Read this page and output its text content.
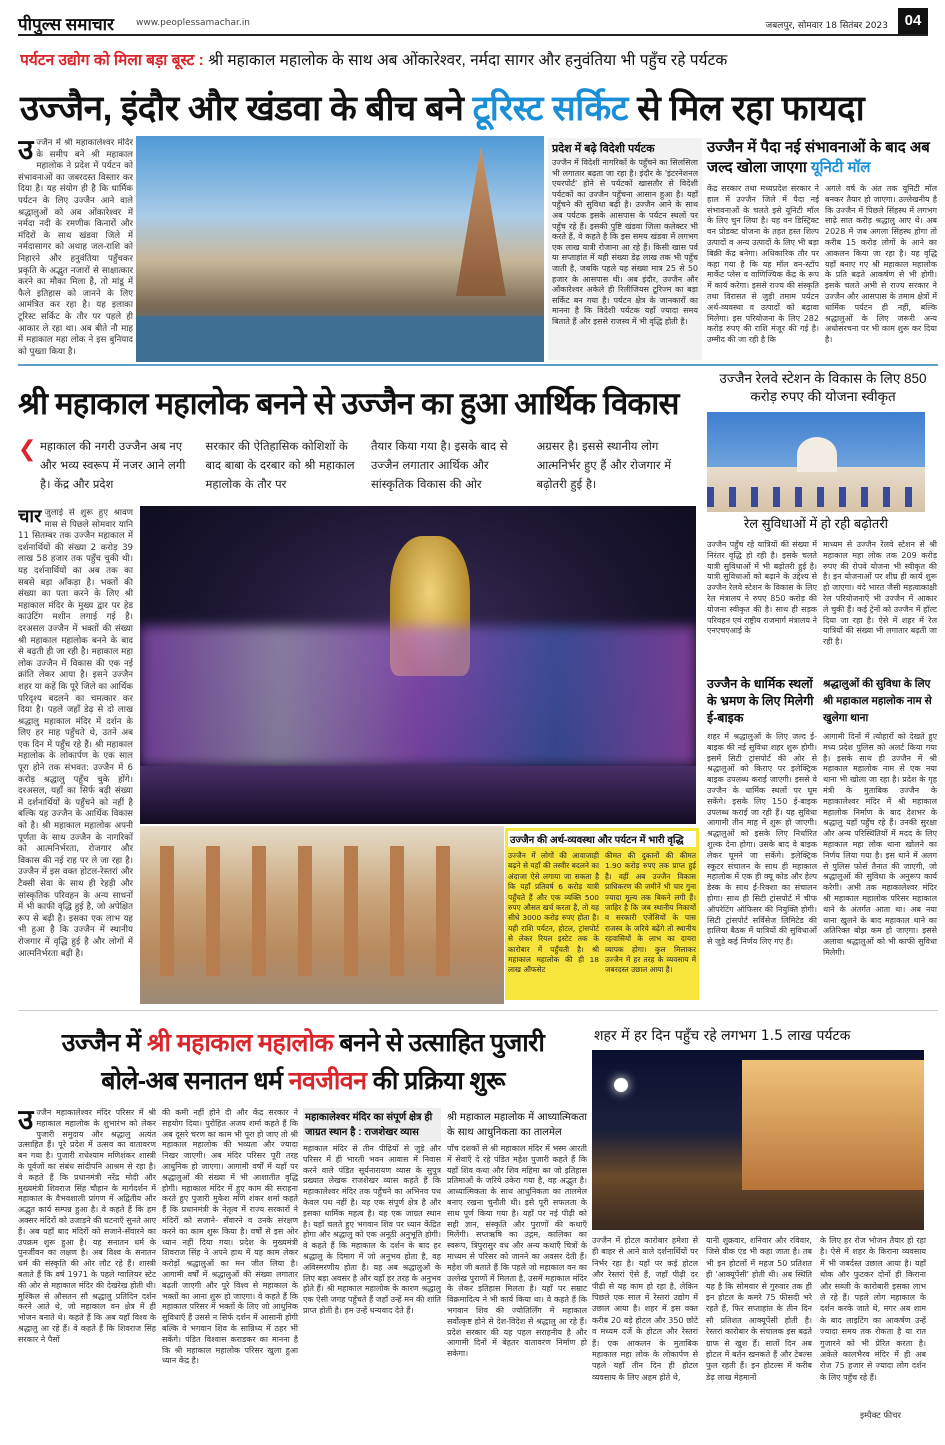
पीपुल्स समाचार www.peoplessamachar.in	जबलपुर, सोमवार 18 सितंबर 2023	04
पर्यटन उद्योग को मिला बड़ा बूस्ट : श्री महाकाल महालोक के साथ अब ओंकारेश्वर, नर्मदा सागर और हनुवंतिया भी पहुँच रहे पर्यटक
उज्जैन, इंदौर और खंडवा के बीच बने टूरिस्ट सर्किट से मिल रहा फायदा
उज्जैन में श्री महाकालेश्वर मंदिर के समीप बने श्री महाकाल महालोक ने प्रदेश में पर्यटन को संभावनाओं का जबरदस्त विस्तार कर दिया है। यह संयोग ही है कि धार्मिक पर्यटन के लिए उज्जैन आने वाले श्रद्धालुओं को अब ओंकारेश्वर में नर्मदा नदी के रमणीक किनारों और मंदिरों के साथ खंडवा जिले में नर्मदासागर को अथाह जल-राशि को निहारने और हनुवंतिया पहुँचकर प्रकृति के अद्भुत नजारों से साक्षात्कार करने का मौका मिला है, तो मांडू में फैले इतिहास को जानने के लिए आमंत्रित कर रहा है। यह इलाका टूरिस्ट सर्किट के तौर पर पहले ही आकार ले रहा था। अब बीते नौ माह में महाकाल महा लोक ने इस बुनियाद को पुख्ता किया है।
प्रदेश में बढ़े विदेशी पर्यटक
उज्जैन में विदेशी नागरिकों के पहुँचने का सिलसिला भी लगातार बढ़ता जा रहा है। इंदौर के 'इंटरनेशनल एयरपोर्ट' होने से पर्यटकों खासतौर से विदेशी पर्यटकों का उज्जैन पहुँचना आसान हुआ है। यहाँ पहुँचने की सुविधा बढ़ी है। उज्जैन आने के साथ अब पर्यटक इसके आसपास के पर्यटन स्थलों पर पहुँच रहे हैं। इसकी पुष्टि खंडवा जिला कलेक्टर भी करते हैं, वे कहते है कि इस समय खंडवा में लगभग एक लाख यात्री रोजाना आ रहे हैं। किसी खास पर्व या सप्ताहांत में यही संख्या डेढ़ लाख तक भी पहुँच जाती है, जबकि पहले यह संख्या मात्र 25 से 50 हजार के आसपास थी। अब इंदौर, उज्जैन और ओंकारेश्वर अकेले ही रिलीजियस टूरिज्म का बड़ा सर्किट बन गया है। पर्यटन क्षेत्र के जानकारों का मानना है कि विदेशी पर्यटक यहाँ ज्यादा समय बिताते हैं और इससे राजस्व में भी वृद्धि होती है।
उज्जैन में पैदा नई संभावनाओं के बाद अब जल्द खोला जाएगा यूनिटी मॉल
केंद्र सरकार तथा मध्यप्रदेश सरकार ने हाल में उज्जैन जिले में पैदा नई संभावनाओं के चलते इसे यूनिटी मॉल के लिए चुन लिया है। यह वन डिस्ट्रिक्ट वन प्रोडक्ट योजना के तहत हस्त शिल्प उत्पादों व अन्य उत्पादों के लिए भी बड़ा बिक्री केंद्र बनेगा। अधिकारिक तौर पर कहा गया है कि यह मॉल वन-स्टॉप मार्केट प्लेस व वाणिज्यिक केंद्र के रूप में कार्य करेगा। इससे राज्य की संस्कृति तथा विरासत से जुड़ी तमाम पर्यटन अर्थ-व्यवस्था व उत्पादों को बढ़ावा मिलेगा। इस परियोजना के लिए 282 करोड़ रुपए की राशि मंजूर की गई है। उम्मीद की जा रही है कि
अगले वर्ष के अंत तक यूनिटी मॉल बनकर तैयार हो जाएगा। उल्लेखनीय है कि उज्जैन में पिछले सिंहस्थ में लगभग साढ़े सात करोड़ श्रद्धालु आए थे। अब 2028 में जब अगला सिंहस्थ होगा तो करीब 15 करोड़ लोगों के आने का आकलन किया जा रहा है। यह वृद्धि यहाँ बनाए गए श्री महाकाल महालोक के प्रति बढ़ते आकर्षण से भी होगी। इसके चलते अभी से राज्य सरकार ने उज्जैन और आसपास के तमाम क्षेत्रों में धार्मिक पर्यटन ही नहीं, बल्कि श्रद्धालुओं के लिए जरूरी अन्य अधोसंरचना पर भी काम शुरू कर दिया है।
श्री महाकाल महालोक बनने से उज्जैन का हुआ आर्थिक विकास
❮ महाकाल की नगरी उज्जैन अब नए और भव्य स्वरूप में नजर आने लगी है। केंद्र और प्रदेश
सरकार की ऐतिहासिक कोशिशों के बाद बाबा के दरबार को श्री महाकाल महालोक के तौर पर
तैयार किया गया है। इसके बाद से उज्जैन लगातार आर्थिक और सांस्कृतिक विकास की ओर
अग्रसर है। इससे स्थानीय लोग आत्मनिर्भर हुए हैं और रोजगार में बढ़ोतरी हुई है।
चार जुलाई से शुरू हुए श्रावण मास से पिछले सोमवार यानि 11 सितम्बर तक उज्जैन महाकाल में दर्शनार्थियों की संख्या 2 करोड़ 39 लाख 58 हजार तक पहुँच चुकी थी। यह दर्शनार्थियों का अब तक का सबसे बड़ा आँकड़ा है। भक्तों की संख्या का पता करने के लिए श्री महाकाल मंदिर के मुख्य द्वार पर हेड काउंटिंग मशीन लगाई गई है। दरअसल उज्जैन में भक्तों की संख्या श्री महाकाल महालोक बनने के बाद से बढ़ती ही जा रही है। महाकाल महा लोक उज्जैन में विकास की एक नई क्रांति लेकर आया है। इसने उज्जैन शहर या कहें कि पूरे जिले का आर्थिक परिदृश्य बदलने का चमत्कार कर दिया है। पहले जहाँ डेढ़ से दो लाख श्रद्धालु महाकाल मंदिर में दर्शन के लिए हर माह पहुँचते थे, उतने अब एक दिन में पहुँच रहे हैं। श्री महाकाल महालोक के लोकार्पण के एक साल पूरा होने तक संभवत: उज्जैन में 6 करोड़ श्रद्धालु पहुँच चुके होंगे। दरअसल, यहाँ का सिर्फ बढ़ी संख्या में दर्शनार्थियों के पहुँचने को नहीं है बल्कि यह उज्जैन के आर्थिक विकास को है। श्री महाकाल महालोक अपनी पूर्णता के साथ उज्जैन के नागरिकों को आत्मनिर्भरता, रोजगार और विकास की नई राह पर ले जा रहा है। उज्जैन में इस वक्त होटल-रेस्तरां और टैक्सी सेवा के साथ ही रेहड़ी और सांस्कृतिक परिवहन के अन्य साधनों में भी काफी वृद्धि हुई है, जो अपेक्षित रूप से बढ़ी है। इसका एक लाभ यह भी हुआ है कि उज्जैन में स्थानीय रोजगार में वृद्धि हुई है और लोगों में आत्मनिर्भरता बढ़ी है।
उज्जैन की अर्थ-व्यवस्था और पर्यटन में भारी वृद्धि
उज्जैन में लोगों की आवाजाही बढ़ने से यहाँ की तस्वीर बदलने का अंदाजा ऐसे लगाया जा सकता है कि यहाँ प्रतिवर्ष 6 करोड़ यात्री पहुँचते हैं और एक व्यक्ति 500 रुपए औसत खर्च करता है, तो यह सीधे 3000 करोड़ रुपए होता है। यही राशि पर्यटन, होटल, ट्रांसपोर्ट से लेकर रियल इस्टेट तक के कारोबार में पहुँचती है। श्री महाकाल महालोक की ही 18 लाख ऑफसेट
कीमत की दुकानों की कीमत 1.90 करोड़ रुपए तक प्राप्त हुई है। वहीं अब उज्जैन विकास प्राधिकरण की जमीनें भी चार गुना ज्यादा मूल्य तक बिकने लगी हैं। जाहिर है कि जब स्थानीय निकायों व सरकारी एजेंसियों के पास राजस्व के जरिये बढ़ेंगे तो स्थानीय रहवासियों के लाभ का दायरा व्यापक होगा। कुल मिलाकर उज्जैन में हर तरह के व्यवसाय में जबरदस्त उछाल आया है।
उज्जैन रेलवे स्टेशन के विकास के लिए 850 करोड़ रुपए की योजना स्वीकृत
रेल सुविधाओं में हो रही बढ़ोतरी
उज्जैन पहुँच रहे यात्रियों की संख्या में निरंतर वृद्धि हो रही है। इसके चलते यात्री सुविधाओं में भी बढ़ोतरी हुई है। यात्री सुविधाओं को बढ़ाने के उद्देश्य से उज्जैन रेलवे स्टेशन के विकास के लिए रेल मंत्रालय ने रुपए 850 करोड़ की योजना स्वीकृत की है। साथ ही सड़क परिवहन एवं राष्ट्रीय राजमार्ग मंत्रालय ने एनएचएआई के
माध्यम से उज्जैन रेलवे स्टेशन से श्री महाकाल महा लोक तक 209 करोड़ रुपए की रोपवे योजना भी स्वीकृत की है। इन योजनाओं पर शीघ्र ही कार्य शुरू हो जाएगा। वंदे भारत जैसी महत्वाकांक्षी रेल परियोजनाएँ भी उज्जैन में आकार ले चुकी हैं। कई ट्रेनों को उज्जैन में हॉल्ट दिया जा रहा है। ऐसे में शहर में रेल यात्रियों की संख्या भी लगातार बढ़ती जा रही है।
उज्जैन के धार्मिक स्थलों के भ्रमण के लिए मिलेगी ई-बाइक
शहर में श्रद्धालुओं के लिए जल्द ई-बाइक की नई सुविधा शहर शुरू होगी। इसमें सिटी ट्रांसपोर्ट की ओर से श्रद्धालुओं को किराए पर इलेक्ट्रिक बाइक उपलब्ध कराई जाएगी। इससे वे उज्जैन के धार्मिक स्थलों पर घूम सकेंगे। इसके लिए 150 ई-बाइक उपलब्ध कराई जा रही हैं। यह सुविधा आगामी तीन माह में शुरू हो जाएगी। श्रद्धालुओं को इसके लिए निर्धारित शुल्क देना होगा। उसके बाद वे बाइक लेकर घूमने जा सकेंगे। इलेक्ट्रिक स्कूटर संचालन के साथ ही महाकाल महालोक में एक ही क्यू कोड और हेल्प डेस्क के साथ ई-रिक्शा का संचालन होगा। साथ ही सिटी ट्रांसपोर्ट में चीफ ऑपरेटिंग ऑफिसर की नियुक्ति होगी। सिटी ट्रांसपोर्ट सर्विसेज लिमिटेड की हालिया बैठक में यात्रियों की सुविधाओं से जुड़े कई निर्णय लिए गए हैं।
श्रद्धालुओं की सुविधा के लिए श्री महाकाल महालोक नाम से खुलेगा थाना
आगामी दिनों में त्योहारों को देखते हुए मध्य प्रदेश पुलिस को अलर्ट किया गया है। इसके साथ ही उज्जैन में श्री महाकाल महालोक नाम से एक नया थाना भी खोला जा रहा है। प्रदेश के गृह मंत्री के मुताबिक उज्जैन के महाकालेश्वर मंदिर में श्री महाकाल महालोक निर्माण के बाद देशभर के श्रद्धालु यहाँ पहुँच रहे हैं। उनकी सुरक्षा और अन्य परिस्थितियों में मदद के लिए महाकाल महा लोक थाना खोलने का निर्णय लिया गया है। इस थाने में अलग से पुलिस फोर्स तैनात की जाएगी, जो श्रद्धालुओं की सुविधा के अनुरूप कार्य करेगी। अभी तक महाकालेश्वर मंदिर श्री महाकाल महालोक परिसर महाकाल थाने के अंतर्गत आता था। अब नया थाना खुलने के बाद महाकाल थाने का अतिरिक्त बोझ कम हो जाएगा। इससे अलावा श्रद्धालुओं को भी काफी सुविधा मिलेगी।
उज्जैन में श्री महाकाल महालोक बनने से उत्साहित पुजारी
बोले-अब सनातन धर्म नवजीवन की प्रक्रिया शुरू
उज्जैन महाकालेश्वर मंदिर परिसर में श्री महाकाल महालोक के शुभारंभ को लेकर पुजारी समुदाय और श्रद्धालु अत्यंत उत्साहित हैं। पूरे प्रदेश में उत्सव का वातावरण बन गया है। पुजारी राधेश्याम मणिशंकर शास्त्री के पूर्वजों का संबंध सांदीपनि आश्रम से रहा है। वे कहते हैं कि प्रधानमंत्री नरेंद्र मोदी और मुख्यमंत्री शिवराज सिंह चौहान के मार्गदर्शन में महाकाल के वैभवशाली प्रांगण में अद्वितीय और अद्भुत कार्य सम्पन्न हुआ है। वे कहते हैं कि हम अक्सर मंदिरों को उजाड़ने की घटनाएँ सुनते आए हैं। अब यहाँ बाद मंदिरों को सजाने-सँवारने का उपक्रम शुरू हुआ है। यह सनातन धर्म के पुनर्जीवन का लक्षण है। अब विश्व के सनातन धर्म की संस्कृति की ओर लौट रहे हैं। शास्त्री बताते हैं कि वर्ष 1971 के पहले ग्वालियर स्टेट की ओर से महाकाल मंदिर की देखरेख होती थी। मुश्किल से औसतन सौ श्रद्धालु प्रतिदिन दर्शन करने आते थे, जो महाकाल वन क्षेत्र में ही भोजन बनाते थे। कहते हैं कि अब यहाँ विश्व के श्रद्धालु आ रहे हैं। वे कहते हैं कि शिवराज सिंह सरकार ने पैसों
की कमी नहीं होने दी और केंद्र सरकार ने सहयोग दिया। पुरोहित अजय शर्मा कहते हैं कि अब दूसरे चरण का काम भी पूरा हो जाए तो श्री महाकाल महालोक की भव्यता और ज्यादा निखर जाएगी। अब मंदिर परिसर पूरी तरह आधुनिक हो जाएगा। आगामी वर्षों में यहाँ पर श्रद्धालुओं की संख्या में भी आशातीत वृद्धि होगी। महाकाल मंदिर में हुए काम की सराहना करते हुए पुजारी मुकेश मणि शंकर शर्मा कहते हैं कि प्रधानमंत्री के नेतृत्व में राज्य सरकारों ने मंदिरों को सजाने- सँवारने व उनके संरक्षण करने का काम शुरू किया है। वर्षों से इस ओर ध्यान नहीं दिया गया। प्रदेश के मुख्यमंत्री शिवराज सिंह ने अपने हाथ में यह काम लेकर करोड़ों श्रद्धालुओं का मन जीत लिया है। आगामी वर्षों में श्रद्धालुओं की संख्या लगातार बढ़ती जाएगी और पूरे विश्व से महाकाल के भक्तों का आना शुरू हो जाएगा। वे कहते हैं कि महाकाल परिसर में भक्तों के लिए जो आधुनिक सुविधाएँ हैं उससे न सिर्फ दर्शन में आसानी होगी बल्कि वे भगवान शिव के सान्निध्य में ठहर भी सकेंगे। पंडित विश्वास कराडकर का मानना है कि श्री महाकाल महालोक परिसर खुला हुआ ध्यान केंद्र है।
महाकालेश्वर मंदिर का संपूर्ण क्षेत्र ही जाग्रत स्थान है : राजशेखर व्यास
महाकाल मंदिर से तीन पीढ़ियों से जुड़े और परिसर में ही भारती भवन आवास में निवास करने वाले पंडित सूर्यनारायण व्यास के सुपुत्र प्रख्यात लेखक राजशेखर व्यास कहते हैं कि महाकालेश्वर मंदिर तक पहुँचने का अभिनव पथ केवल पथ नहीं है। यह एक संपूर्ण क्षेत्र है और इसका धार्मिक महत्व है। यह एक जाग्रत स्थान है। यहाँ चलते हुए भगवान शिव पर ध्यान केंद्रित होगा और श्रद्धालु को एक अनूठी अनुभूति होगी। वे कहते हैं कि महाकाल के दर्शन के बाद हर श्रद्धालु के दिमाग में जो अनुभव होता है, वह अविस्मरणीय होता है। यह अब श्रद्धालुओं के लिए बड़ा अवसर है और यहाँ हर तरह के अनुभव होते हैं। श्री महाकाल महालोक के कारण श्रद्धालु एक ऐसी जगह पहुँचते हैं जहाँ उन्हें मन की शांति प्राप्त होती है। हम उन्हें धन्यवाद देते हैं।
श्री महाकाल महालोक में आध्यात्मिकता के साथ आधुनिकता का तालमेल
पाँच दशकों से श्री महाकाल मंदिर में भस्म आरती में सेवाएँ दे रहे पंडित महेश पुजारी कहते हैं कि यहाँ शिव कथा और शिव महिमा का जो इतिहास प्रतिमाओं के जरिये उकेरा गया है, वह अद्भुत है। आध्यात्मिकता के साथ आधुनिकता का तालमेल बनाए रखना चुनौती थी। इसे पूरी सफलता के साथ पूर्ण किया गया है। यहाँ पर नई पीढ़ी को सही ज्ञान, संस्कृति और पुराणों की कथाएँ मिलेंगी। सप्तऋषि का उद्गम, कालिका का स्वरूप, त्रिपुरासुर वध और अन्य कथाएँ चित्रों के माध्यम से परिसर को जानने का अवसर देती हैं। महेश जी बताते हैं कि पहले जो महाकाल वन का उल्लेख पुराणों में मिलता है, उसमें महाकाल मंदिर के लेकर इतिहास मिलता है। यहाँ पर सम्राट विक्रमादित्य ने भी कार्य किया था। वे कहते हैं कि भगवान शिव की ज्योतिर्लिंग में महाकाल सर्वोत्कृष्ट होने से देश-विदेश से श्रद्धालु आ रहे हैं। प्रदेश सरकार की यह पहल सराहनीय है और आगामी दिनों में बेहतर वातावरण निर्माण हो सकेगा।
शहर में हर दिन पहुँच रहे लगभग 1.5 लाख पर्यटक
उज्जैन में होटल कारोबार हमेशा से ही बाहर से आने वाले दर्शनार्थियों पर निर्भर रहा है। यहाँ पर कई होटल और रेस्तरां ऐसे हैं, जहाँ पीढ़ी दर पीढ़ी से यह काम हो रहा है, लेकिन पिछले एक साल में रेस्तरां उद्योग में उछाल आया है। शहर में इस वक्त करीब 20 बड़े होटल और 350 छोटे व मध्यम दर्जे के होटल और रेस्तरां हैं। एक आकलन के मुताबिक महाकाल महा लोक के लोकार्पण से पहले यहाँ तीन दिन ही होटल व्यवसाय के लिए अहम होते थे,
यानी शुक्रवार, शनिवार और रविवार, जिसे वीक एंड भी कहा जाता है। तब भी इन होटलों में महज 50 प्रतिशत ही 'आक्यूपेंसी' होती थी। अब स्थिति यह है कि सोमवार से गुरुवार तक ही इन होटल के कमरे 75 फीसदी भरे रहते हैं, फिर सप्ताहांत के तीन दिन सौ प्रतिशत आक्यूपेंसी होती है। रेस्तरां कारोबार के संचालक इस बढ़ते ग्राफ से खुश हैं। सातों दिन अब होटल में बर्तन खनकते हैं और टेबल्स फुल रहती हैं। इन होटल्स में करीब डेढ़ लाख मेहमानों
के लिए हर रोज भोजन तैयार हो रहा है। ऐसे में शहर के किराना व्यवसाय में भी जबर्दस्त उछाल आया है। यहाँ थोक और फुटकर दोनों ही किराना और सब्जी के कारोबारी इसका लाभ ले रहे हैं। पहले लोग महाकाल के दर्शन करके जाते थे, मगर अब शाम के बाद लाइटिंग का आकर्षण उन्हें ज्यादा समय तक रोकता है या रात गुजारने को भी प्रेरित करता है। अकेले कालभैरव मंदिर में ही अब रोज 75 हजार से ज्यादा लोग दर्शन के लिए पहुँच रहे हैं।
इम्पैक्ट फीचर
